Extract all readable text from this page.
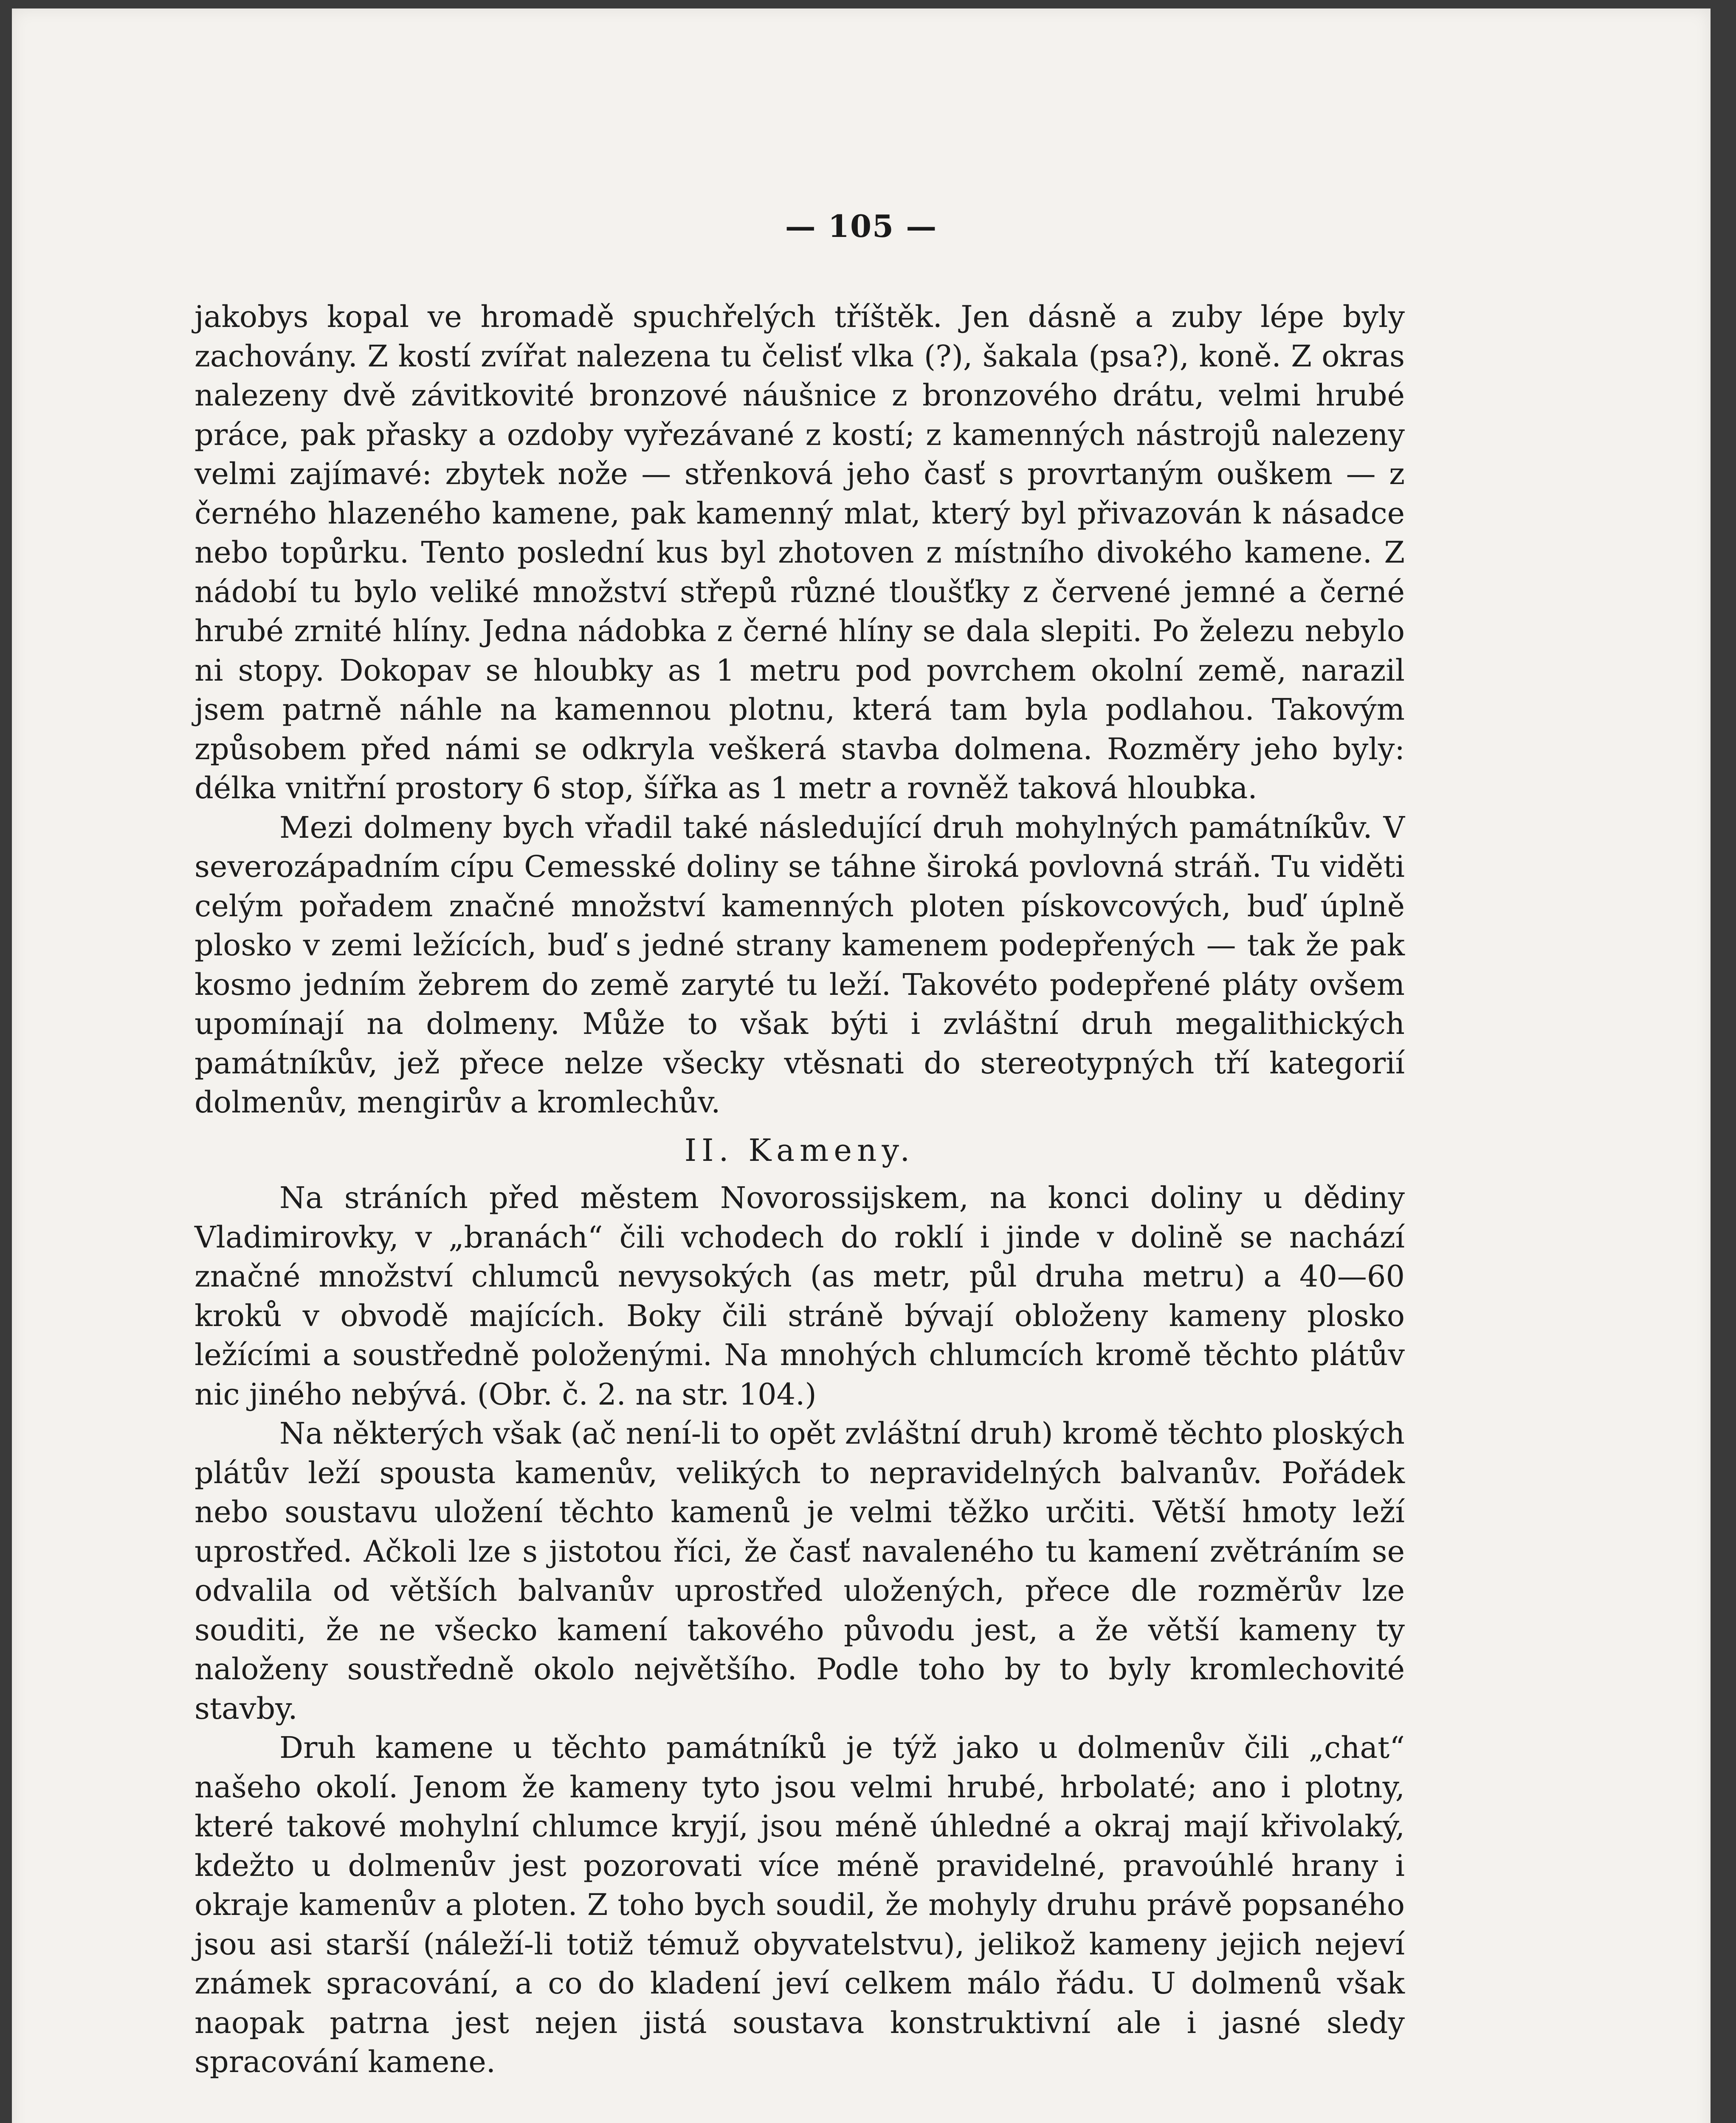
— 105 —

jakobys kopal ve hromadě spuchřelých tříštěk. Jen dásně a zuby lépe byly zachovány. Z kostí zvířat nalezena tu čelisť vlka (?), šakala (psa?), koně. Z okras nalezeny dvě závitkovité bronzové náušnice z bronzového drátu, velmi hrubé práce, pak přasky a ozdoby vyřezávané z kostí; z kamenných nástrojů nalezeny velmi zajímavé: zbytek nože — střenková jeho časť s provrtaným ouškem — z černého hlazeného kamene, pak kamenný mlat, který byl přivazován k násadce nebo topůrku. Tento poslední kus byl zhotoven z místního divokého kamene. Z nádobí tu bylo veliké množství střepů různé tloušťky z červené jemné a černé hrubé zrnité hlíny. Jedna nádobka z černé hlíny se dala slepiti. Po železu nebylo ni stopy. Dokopav se hloubky as 1 metru pod povrchem okolní země, narazil jsem patrně náhle na kamennou plotnu, která tam byla podlahou. Takovým způsobem před námi se odkryla veškerá stavba dolmena. Rozměry jeho byly: délka vnitřní prostory 6 stop, šířka as 1 metr a rovněž taková hloubka.

Mezi dolmeny bych vřadil také následující druh mohylných památníkův. V severozápadním cípu Cemesské doliny se táhne široká povlovná stráň. Tu viděti celým pořadem značné množství kamenných ploten pískovcových, buď úplně plosko v zemi ležících, buď s jedné strany kamenem podepřených — tak že pak kosmo jedním žebrem do země zaryté tu leží. Takovéto podepřené pláty ovšem upomínají na dolmeny. Může to však býti i zvláštní druh megalithických památníkův, jež přece nelze všecky vtěsnati do stereotypných tří kategorií dolmenův, mengirův a kromlechův.

II. Kameny.

Na stráních před městem Novorossijskem, na konci doliny u dědiny Vladimirovky, v „branách“ čili vchodech do roklí i jinde v dolině se nachází značné množství chlumců nevysokých (as metr, půl druha metru) a 40—60 kroků v obvodě majících. Boky čili stráně bývají obloženy kameny plosko ležícími a soustředně položenými. Na mnohých chlumcích kromě těchto plátův nic jiného nebývá. (Obr. č. 2. na str. 104.)

Na některých však (ač není-li to opět zvláštní druh) kromě těchto ploských plátův leží spousta kamenův, velikých to nepravidelných balvanův. Pořádek nebo soustavu uložení těchto kamenů je velmi těžko určiti. Větší hmoty leží uprostřed. Ačkoli lze s jistotou říci, že časť navaleného tu kamení zvětráním se odvalila od větších balvanův uprostřed uložených, přece dle rozměrův lze souditi, že ne všecko kamení takového původu jest, a že větší kameny ty naloženy soustředně okolo největšího. Podle toho by to byly kromlechovité stavby.

Druh kamene u těchto památníků je týž jako u dolmenův čili „chat“ našeho okolí. Jenom že kameny tyto jsou velmi hrubé, hrbolaté; ano i plotny, které takové mohylní chlumce kryjí, jsou méně úhledné a okraj mají křivolaký, kdežto u dolmenův jest pozorovati více méně pravidelné, pravoúhlé hrany i okraje kamenův a ploten. Z toho bych soudil, že mohyly druhu právě popsaného jsou asi starší (náleží-li totiž témuž obyvatelstvu), jelikož kameny jejich nejeví známek spracování, a co do kladení jeví celkem málo řádu. U dolmenů však naopak patrna jest nejen jistá soustava konstruktivní ale i jasné sledy spracování kamene.
